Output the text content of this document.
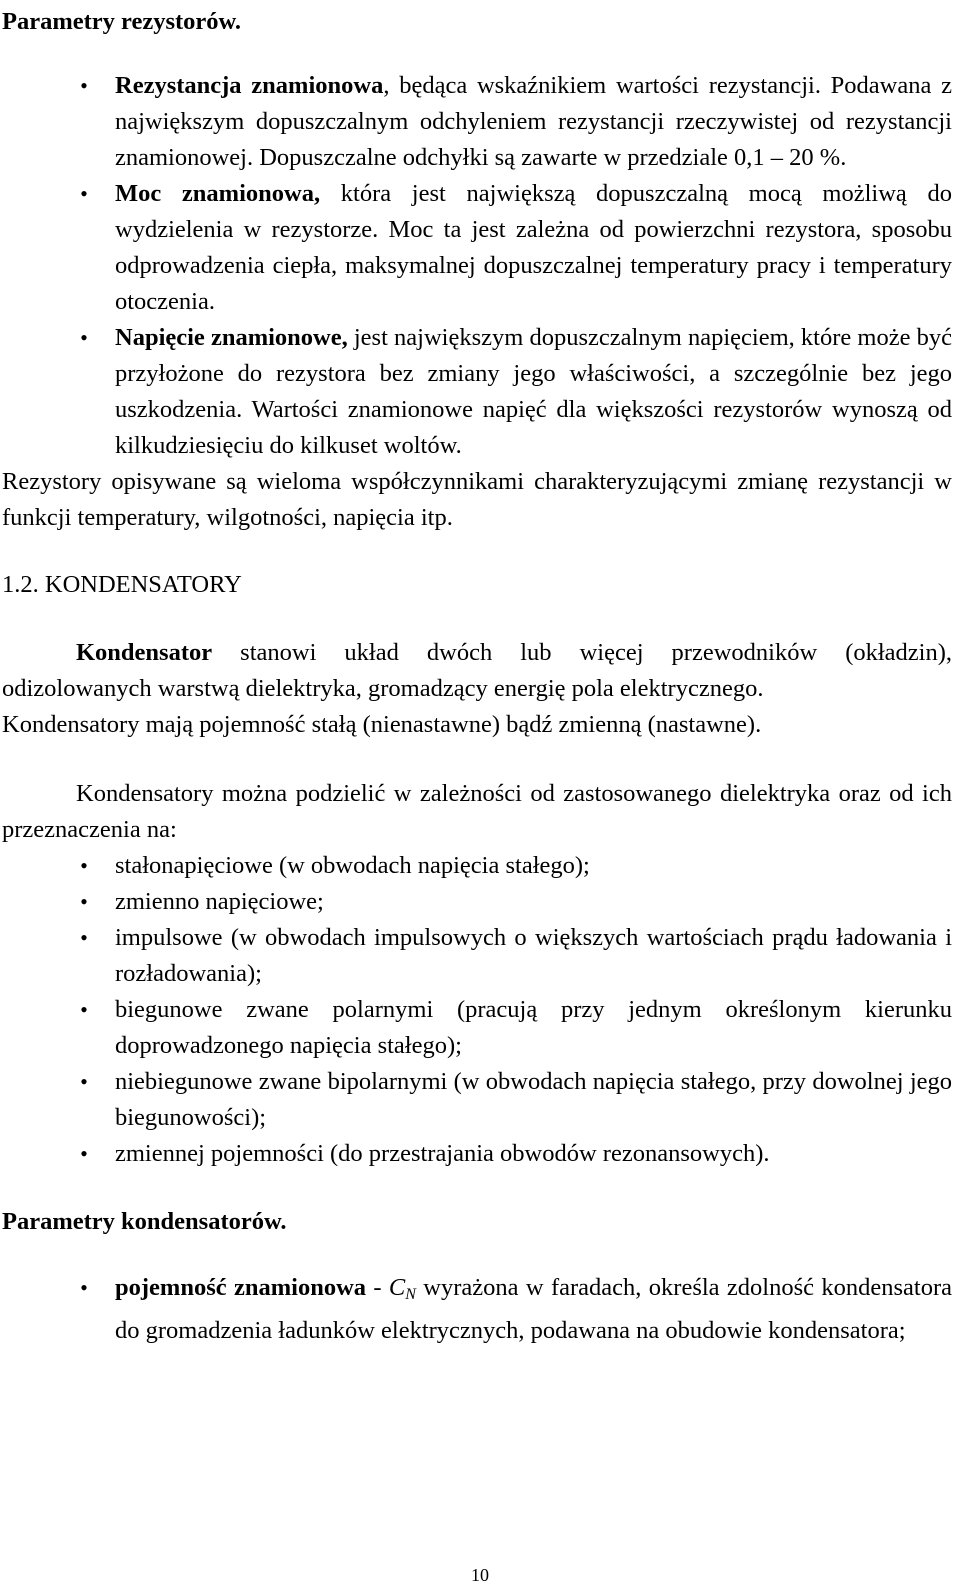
Parametry rezystorów.

• Rezystancja znamionowa, będąca wskaźnikiem wartości rezystancji. Podawana z największym dopuszczalnym odchyleniem rezystancji rzeczywistej od rezystancji znamionowej. Dopuszczalne odchyłki są zawarte w przedziale 0,1 – 20 %.
• Moc znamionowa, która jest największą dopuszczalną mocą możliwą do wydzielenia w rezystorze. Moc ta jest zależna od powierzchni rezystora, sposobu odprowadzenia ciepła, maksymalnej dopuszczalnej temperatury pracy i temperatury otoczenia.
• Napięcie znamionowe, jest największym dopuszczalnym napięciem, które może być przyłożone do rezystora bez zmiany jego właściwości, a szczególnie bez jego uszkodzenia. Wartości znamionowe napięć dla większości rezystorów wynoszą od kilkudziesięciu do kilkuset woltów.

Rezystory opisywane są wieloma współczynnikami charakteryzującymi zmianę rezystancji w funkcji temperatury, wilgotności, napięcia itp.

1.2. KONDENSATORY

Kondensator stanowi układ dwóch lub więcej przewodników (okładzin), odizolowanych warstwą dielektryka, gromadzący energię pola elektrycznego.

Kondensatory mają pojemność stałą (nienastawne) bądź zmienną (nastawne).

Kondensatory można podzielić w zależności od zastosowanego dielektryka oraz od ich przeznaczenia na:

• stałonapięciowe (w obwodach napięcia stałego);
• zmienno napięciowe;
• impulsowe (w obwodach impulsowych o większych wartościach prądu ładowania i rozładowania);
• biegunowe zwane polarnymi (pracują przy jednym określonym kierunku doprowadzonego napięcia stałego);
• niebiegunowe zwane bipolarnymi (w obwodach napięcia stałego, przy dowolnej jego biegunowości);
• zmiennej pojemności (do przestrajania obwodów rezonansowych).

Parametry kondensatorów.

• pojemność znamionowa - $C_N$ wyrażona w faradach, określa zdolność kondensatora do gromadzenia ładunków elektrycznych, podawana na obudowie kondensatora;
10
